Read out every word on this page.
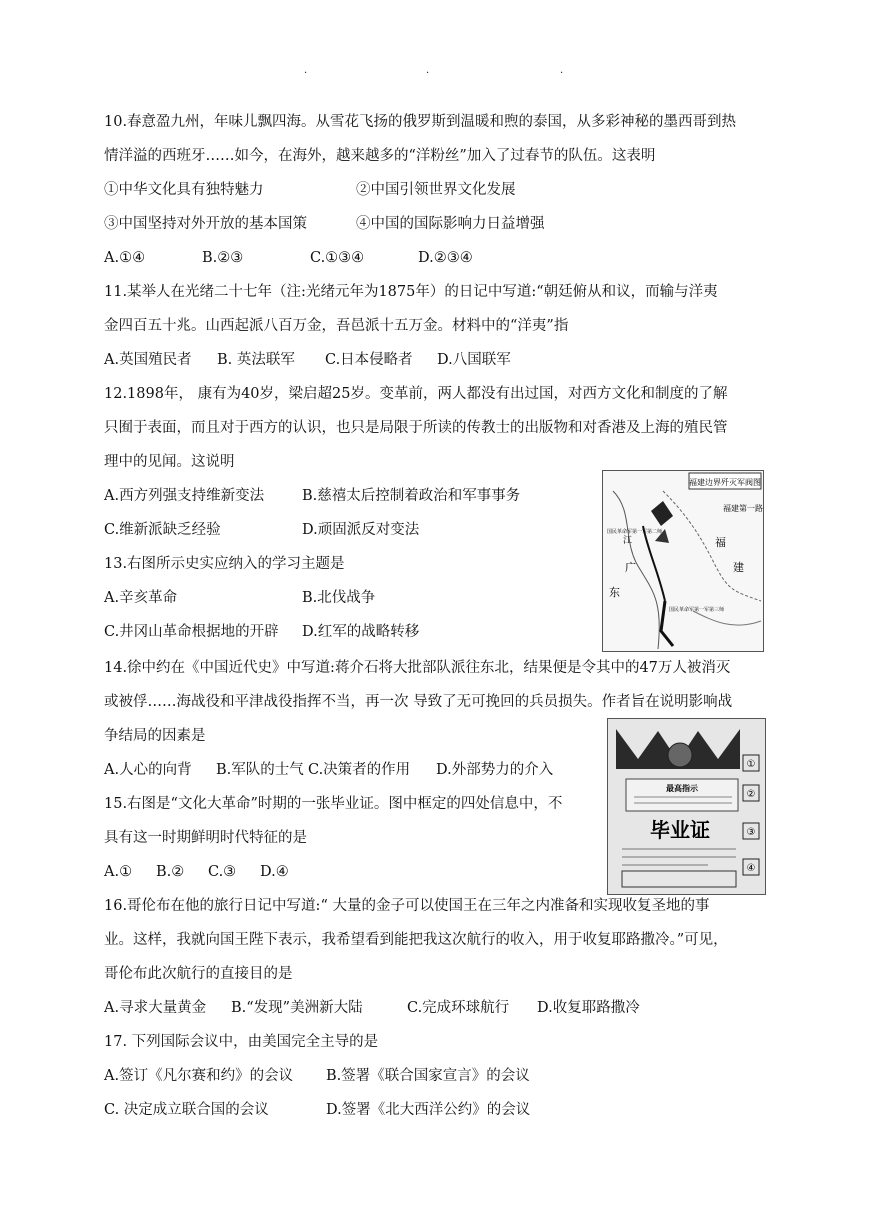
.	.	.
10.春意盈九州，年味儿飘四海。从雪花飞扬的俄罗斯到温暖和煦的泰国，从多彩神秘的墨西哥到热
情洋溢的西班牙……如今，在海外，越来越多的“洋粉丝”加入了过春节的队伍。这表明
①中华文化具有独特魅力	②中国引领世界文化发展
③中国坚持对外开放的基本国策	④中国的国际影响力日益增强
A.①④	B.②③	C.①③④	D.②③④
11.某举人在光绪二十七年（注:光绪元年为1875年）的日记中写道:“朝廷俯从和议，而输与洋夷
金四百五十兆。山西起派八百万金，吾邑派十五万金。材料中的“洋夷”指
A.英国殖民者 B. 英法联军 C.日本侵略者 D.八国联军
12.1898年， 康有为40岁，梁启超25岁。变革前，两人都没有出过国，对西方文化和制度的了解
只囿于表面，而且对于西方的认识，也只是局限于所读的传教士的出版物和对香港及上海的殖民管
理中的见闻。这说明
A.西方列强支持维新变法	B.慈禧太后控制着政治和军事事务
C.维新派缺乏经验	D.顽固派反对变法
13.右图所示史实应纳入的学习主题是
A.辛亥革命	B.北伐战争
C.井冈山革命根据地的开辟 D.红军的战略转移
福建边界歼灭军阀图
福建第一路
福
建
广
东
江
国民革命军第一军第二师
国民革命军第一军第三师
14.徐中约在《中国近代史》中写道:蒋介石将大批部队派往东北，结果便是令其中的47万人被消灭
或被俘……海战役和平津战役指挥不当，再一次 导致了无可挽回的兵员损失。作者旨在说明影响战
争结局的因素是
A.人心的向背 B.军队的士气 C.决策者的作用 D.外部势力的介入
15.右图是“文化大革命”时期的一张毕业证。图中框定的四处信息中，不
具有这一时期鲜明时代特征的是
A.① B.② C.③ D.④
①
最高指示
②
毕业证	③
④
16.哥伦布在他的旅行日记中写道:“ 大量的金子可以使国王在三年之内准备和实现收复圣地的事
业。这样，我就向国王陛下表示，我希望看到能把我这次航行的收入，用于收复耶路撒冷。”可见，
哥伦布此次航行的直接目的是
A.寻求大量黄金 B.“发现”美洲新大陆	C.完成环球航行 D.收复耶路撒冷
17. 下列国际会议中，由美国完全主导的是
A.签订《凡尔赛和约》的会议 B.签署《联合国家宣言》的会议
C. 决定成立联合国的会议	D.签署《北大西洋公约》的会议
